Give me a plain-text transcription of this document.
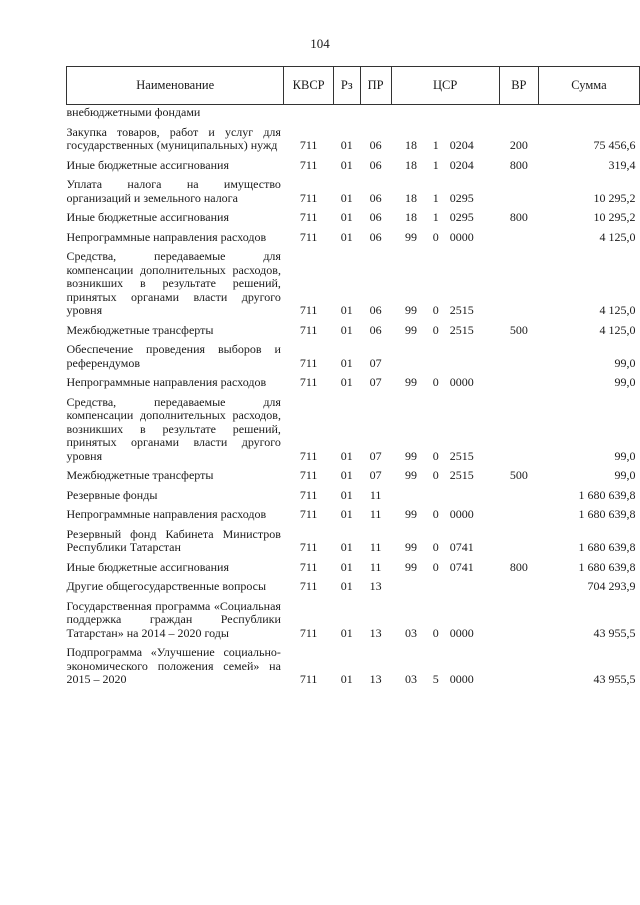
104
Наименование	КВСР	Рз	ПР	ЦСР	ВР	Сумма
внебюджетными фондами				

Закупка товаров, работ и услуг для государственных (муниципальных) нужд	711	01	06	18 1 0204	200	75 456,6
Иные бюджетные ассигнования	711	01	06	18 1 0204	800	319,4
Уплата налога на имущество организаций и земельного налога	711	01	06	18 1 0295		10 295,2
Иные бюджетные ассигнования	711	01	06	18 1 0295	800	10 295,2
Непрограммные направления расходов	711	01	06	99 0 0000		4 125,0
Средства, передаваемые для компенсации дополнительных расходов, возникших в результате решений, принятых органами власти другого уровня	711	01	06	99 0 2515		4 125,0
Межбюджетные трансферты	711	01	06	99 0 2515	500	4 125,0
Обеспечение проведения выборов и референдумов	711	01	07			99,0
Непрограммные направления расходов	711	01	07	99 0 0000		99,0
Средства, передаваемые для компенсации дополнительных расходов, возникших в результате решений, принятых органами власти другого уровня	711	01	07	99 0 2515		99,0
Межбюджетные трансферты	711	01	07	99 0 2515	500	99,0
Резервные фонды	711	01	11			1 680 639,8
Непрограммные направления расходов	711	01	11	99 0 0000		1 680 639,8
Резервный фонд Кабинета Министров Республики Татарстан	711	01	11	99 0 0741		1 680 639,8
Иные бюджетные ассигнования	711	01	11	99 0 0741	800	1 680 639,8
Другие общегосударственные вопросы	711	01	13			704 293,9
Государственная программа «Социальная поддержка граждан Республики Татарстан» на 2014 – 2020 годы	711	01	13	03 0 0000		43 955,5
Подпрограмма «Улучшение социально-экономического положения семей» на 2015 – 2020	711	01	13	03 5 0000		43 955,5
